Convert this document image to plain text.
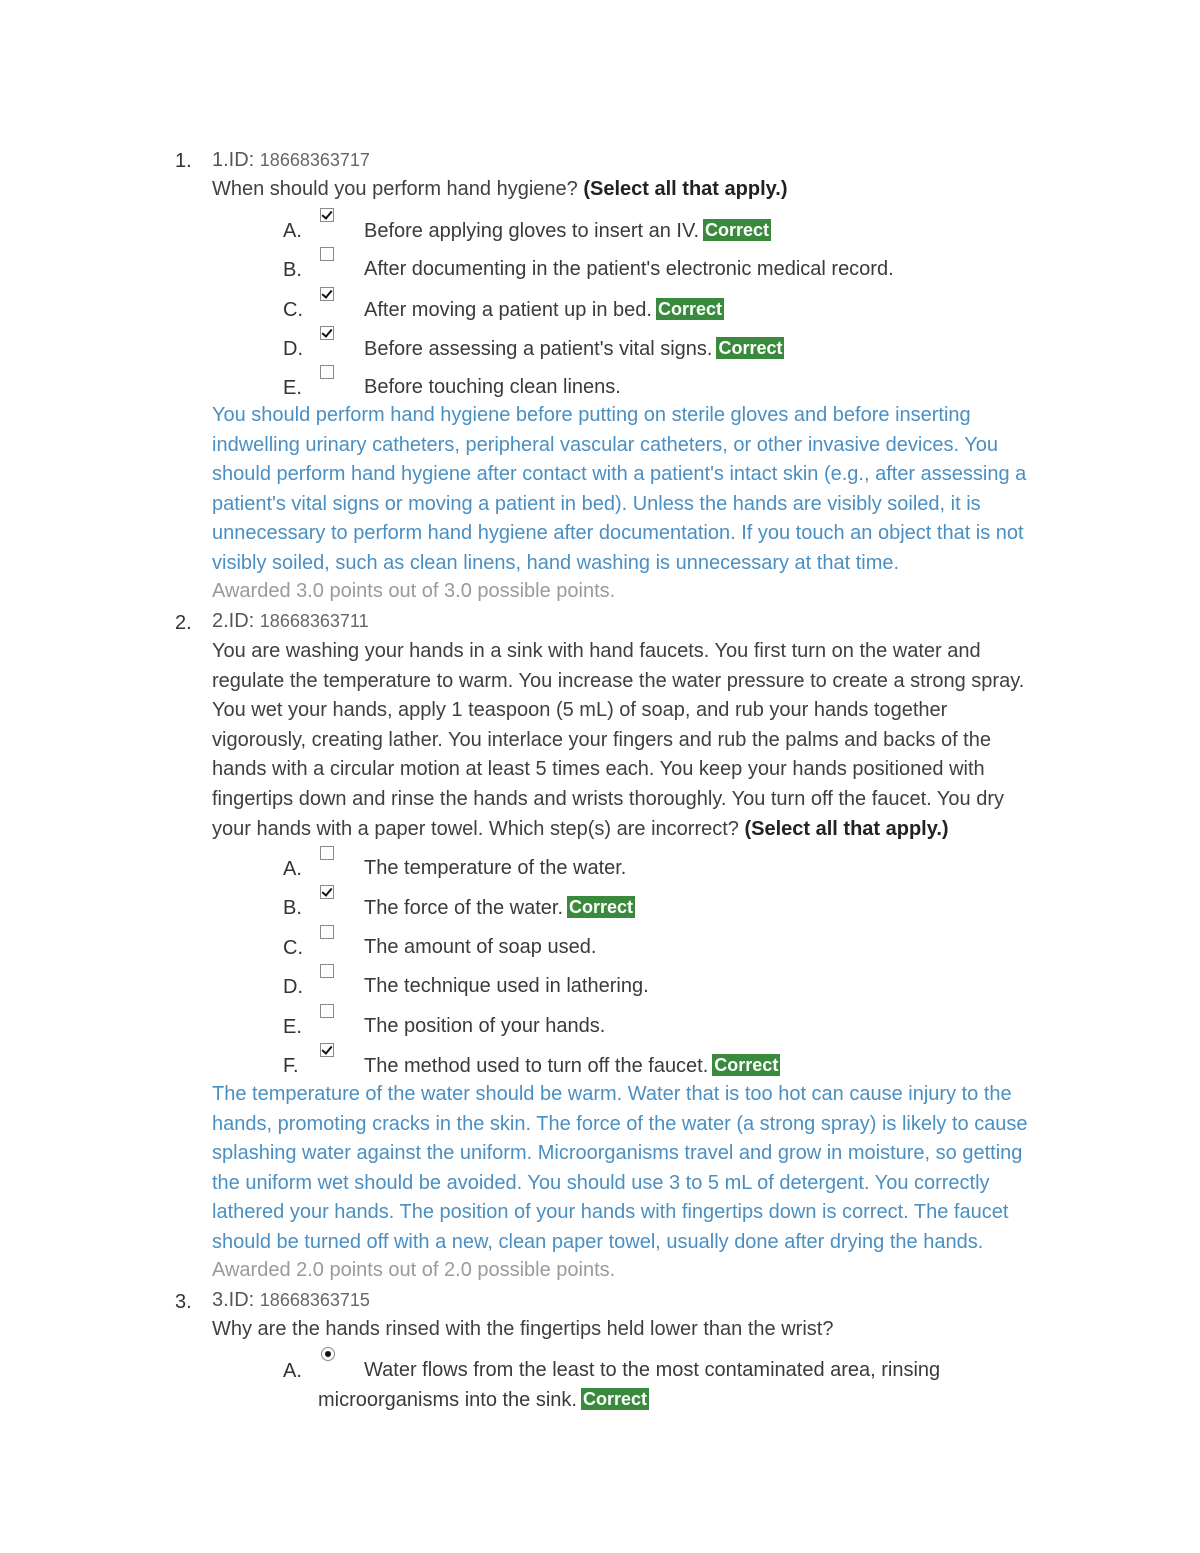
1. 1.ID: 18668363717
When should you perform hand hygiene? (Select all that apply.)
A.	Before applying gloves to insert an IV. Correct
B.	After documenting in the patient's electronic medical record.
C.	After moving a patient up in bed. Correct
D.	Before assessing a patient's vital signs. Correct
E.	Before touching clean linens.
You should perform hand hygiene before putting on sterile gloves and before inserting
indwelling urinary catheters, peripheral vascular catheters, or other invasive devices. You
should perform hand hygiene after contact with a patient's intact skin (e.g., after assessing a
patient's vital signs or moving a patient in bed). Unless the hands are visibly soiled, it is
unnecessary to perform hand hygiene after documentation. If you touch an object that is not
visibly soiled, such as clean linens, hand washing is unnecessary at that time.
Awarded 3.0 points out of 3.0 possible points.
2. 2.ID: 18668363711
You are washing your hands in a sink with hand faucets. You first turn on the water and
regulate the temperature to warm. You increase the water pressure to create a strong spray.
You wet your hands, apply 1 teaspoon (5 mL) of soap, and rub your hands together
vigorously, creating lather. You interlace your fingers and rub the palms and backs of the
hands with a circular motion at least 5 times each. You keep your hands positioned with
fingertips down and rinse the hands and wrists thoroughly. You turn off the faucet. You dry
your hands with a paper towel. Which step(s) are incorrect? (Select all that apply.)
A.	The temperature of the water.
B.	The force of the water. Correct
C.	The amount of soap used.
D.	The technique used in lathering.
E.	The position of your hands.
F.	The method used to turn off the faucet. Correct
The temperature of the water should be warm. Water that is too hot can cause injury to the
hands, promoting cracks in the skin. The force of the water (a strong spray) is likely to cause
splashing water against the uniform. Microorganisms travel and grow in moisture, so getting
the uniform wet should be avoided. You should use 3 to 5 mL of detergent. You correctly
lathered your hands. The position of your hands with fingertips down is correct. The faucet
should be turned off with a new, clean paper towel, usually done after drying the hands.
Awarded 2.0 points out of 2.0 possible points.
3. 3.ID: 18668363715
Why are the hands rinsed with the fingertips held lower than the wrist?
A.	Water flows from the least to the most contaminated area, rinsing
microorganisms into the sink. Correct
